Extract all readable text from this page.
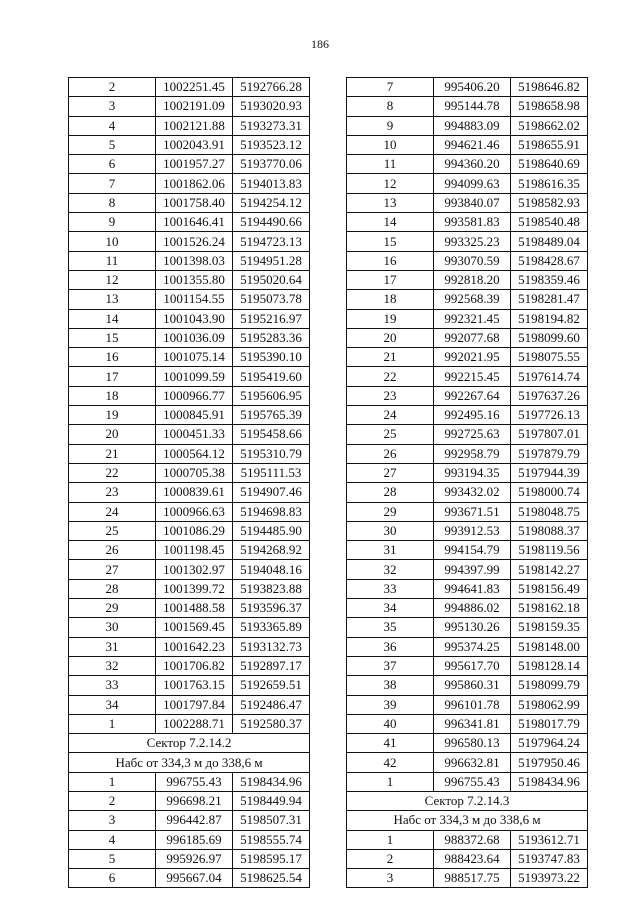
186
2	1002251.45	5192766.28
3	1002191.09	5193020.93
4	1002121.88	5193273.31
5	1002043.91	5193523.12
6	1001957.27	5193770.06
7	1001862.06	5194013.83
8	1001758.40	5194254.12
9	1001646.41	5194490.66
10	1001526.24	5194723.13
11	1001398.03	5194951.28
12	1001355.80	5195020.64
13	1001154.55	5195073.78
14	1001043.90	5195216.97
15	1001036.09	5195283.36
16	1001075.14	5195390.10
17	1001099.59	5195419.60
18	1000966.77	5195606.95
19	1000845.91	5195765.39
20	1000451.33	5195458.66
21	1000564.12	5195310.79
22	1000705.38	5195111.53
23	1000839.61	5194907.46
24	1000966.63	5194698.83
25	1001086.29	5194485.90
26	1001198.45	5194268.92
27	1001302.97	5194048.16
28	1001399.72	5193823.88
29	1001488.58	5193596.37
30	1001569.45	5193365.89
31	1001642.23	5193132.73
32	1001706.82	5192897.17
33	1001763.15	5192659.51
34	1001797.84	5192486.47
1	1002288.71	5192580.37
Сектор 7.2.14.2		
Набс от 334,3 м до 338,6 м		
1	996755.43	5198434.96
2	996698.21	5198449.94
3	996442.87	5198507.31
4	996185.69	5198555.74
5	995926.97	5198595.17
6	995667.04	5198625.54
7	995406.20	5198646.82
8	995144.78	5198658.98
9	994883.09	5198662.02
10	994621.46	5198655.91
11	994360.20	5198640.69
12	994099.63	5198616.35
13	993840.07	5198582.93
14	993581.83	5198540.48
15	993325.23	5198489.04
16	993070.59	5198428.67
17	992818.20	5198359.46
18	992568.39	5198281.47
19	992321.45	5198194.82
20	992077.68	5198099.60
21	992021.95	5198075.55
22	992215.45	5197614.74
23	992267.64	5197637.26
24	992495.16	5197726.13
25	992725.63	5197807.01
26	992958.79	5197879.79
27	993194.35	5197944.39
28	993432.02	5198000.74
29	993671.51	5198048.75
30	993912.53	5198088.37
31	994154.79	5198119.56
32	994397.99	5198142.27
33	994641.83	5198156.49
34	994886.02	5198162.18
35	995130.26	5198159.35
36	995374.25	5198148.00
37	995617.70	5198128.14
38	995860.31	5198099.79
39	996101.78	5198062.99
40	996341.81	5198017.79
41	996580.13	5197964.24
42	996632.81	5197950.46
1	996755.43	5198434.96
Сектор 7.2.14.3		
Набс от 334,3 м до 338,6 м		
1	988372.68	5193612.71
2	988423.64	5193747.83
3	988517.75	5193973.22
